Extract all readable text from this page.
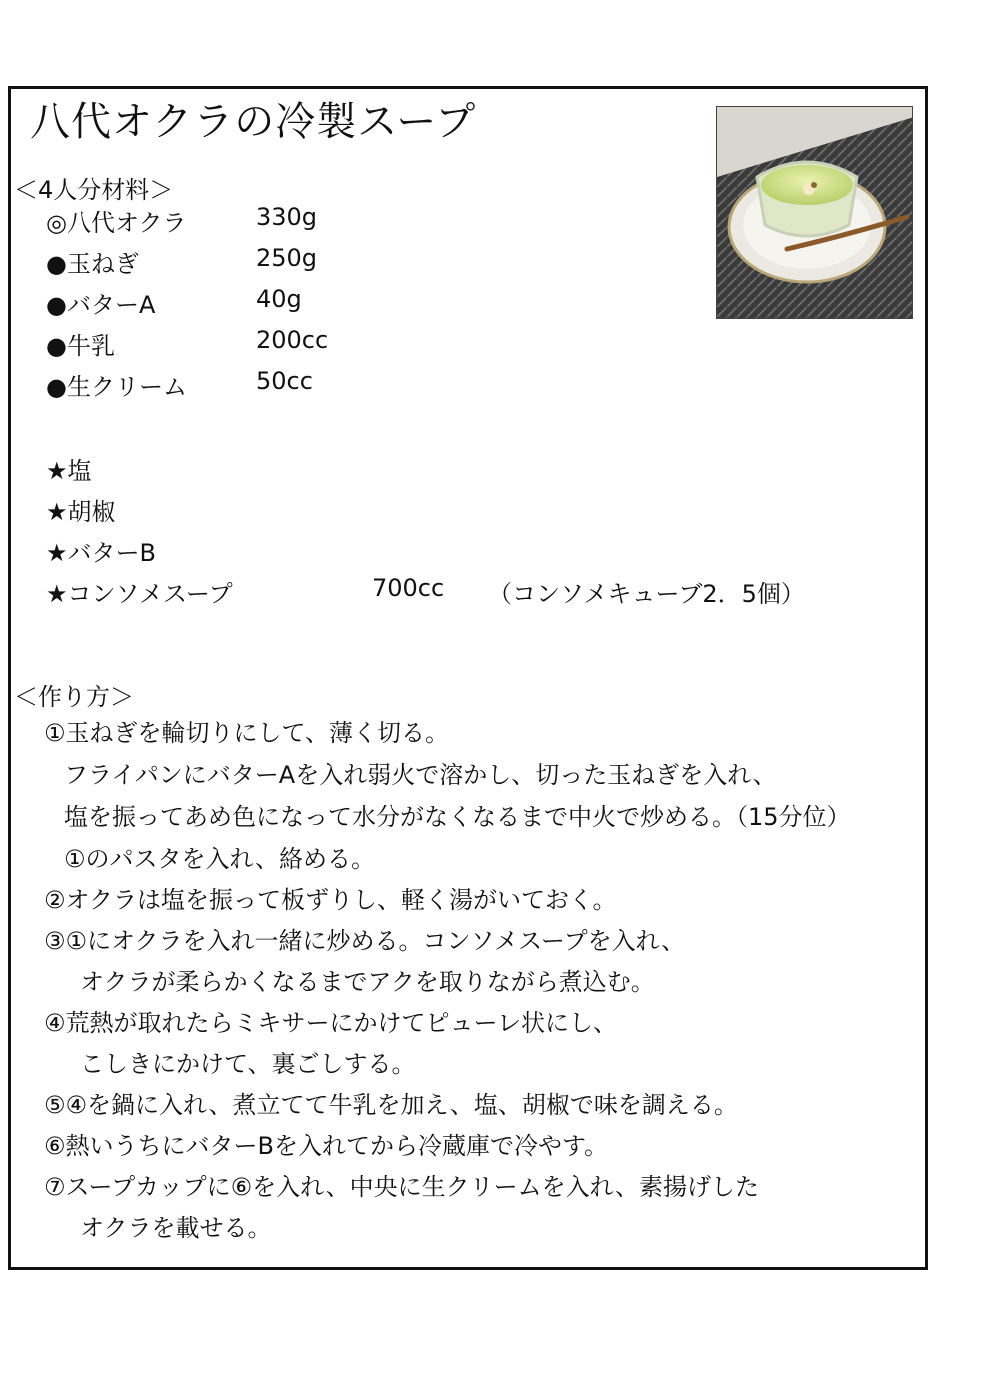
八代オクラの冷製スープ
＜4人分材料＞
◎八代オクラ	330g
●玉ねぎ	250g
●バターA	40g
●牛乳	200cc
●生クリーム	50cc
★塩
★胡椒
★バターB
★コンソメスープ	700cc （コンソメキューブ2．5個）
＜作り方＞
①玉ねぎを輪切りにして、薄く切る。
フライパンにバターAを入れ弱火で溶かし、切った玉ねぎを入れ、
塩を振ってあめ色になって水分がなくなるまで中火で炒める。（15分位）
①のパスタを入れ、絡める。
②オクラは塩を振って板ずりし、軽く湯がいておく。
③①にオクラを入れ一緒に炒める。コンソメスープを入れ、
オクラが柔らかくなるまでアクを取りながら煮込む。
④荒熱が取れたらミキサーにかけてピューレ状にし、
こしきにかけて、裏ごしする。
⑤④を鍋に入れ、煮立てて牛乳を加え、塩、胡椒で味を調える。
⑥熱いうちにバターBを入れてから冷蔵庫で冷やす。
⑦スープカップに⑥を入れ、中央に生クリームを入れ、素揚げした
オクラを載せる。
